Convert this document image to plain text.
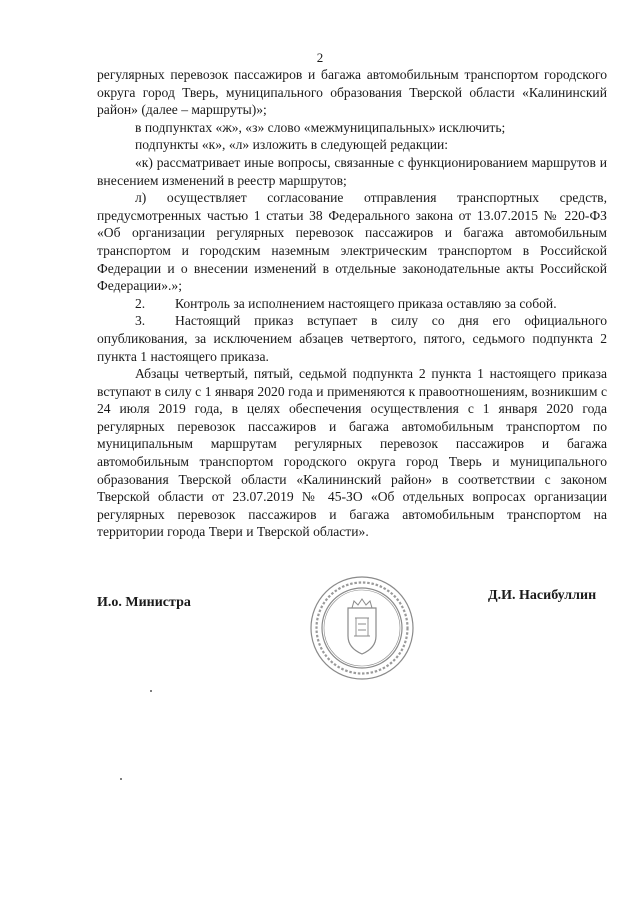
2

регулярных перевозок пассажиров и багажа автомобильным транспортом городского округа город Тверь, муниципального образования Тверской области «Калининский район» (далее – маршруты)»;

в подпунктах «ж», «з» слово «межмуниципальных» исключить;

подпункты «к», «л» изложить в следующей редакции:

«к) рассматривает иные вопросы, связанные с функционированием маршрутов и внесением изменений в реестр маршрутов;

л) осуществляет согласование отправления транспортных средств, предусмотренных частью 1 статьи 38 Федерального закона от 13.07.2015 № 220-ФЗ «Об организации регулярных перевозок пассажиров и багажа автомобильным транспортом и городским наземным электрическим транспортом в Российской Федерации и о внесении изменений в отдельные законодательные акты Российской Федерации».»;

2. Контроль за исполнением настоящего приказа оставляю за собой.

3. Настоящий приказ вступает в силу со дня его официального опубликования, за исключением абзацев четвертого, пятого, седьмого подпункта 2 пункта 1 настоящего приказа.

Абзацы четвертый, пятый, седьмой подпункта 2 пункта 1 настоящего приказа вступают в силу с 1 января 2020 года и применяются к правоотношениям, возникшим с 24 июля 2019 года, в целях обеспечения осуществления с 1 января 2020 года регулярных перевозок пассажиров и багажа автомобильным транспортом по муниципальным маршрутам регулярных перевозок пассажиров и багажа автомобильным транспортом городского округа город Тверь и муниципального образования Тверской области «Калининский район» в соответствии с законом Тверской области от 23.07.2019 № 45-ЗО «Об отдельных вопросах организации регулярных перевозок пассажиров и багажа автомобильным транспортом на территории города Твери и Тверской области».

И.о. Министра	Д.И. Насибуллин
